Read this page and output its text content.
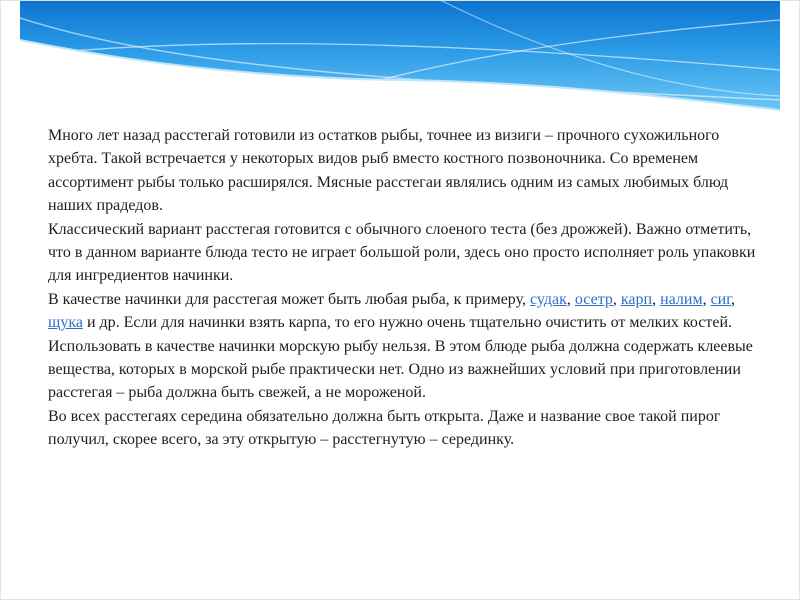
Много лет назад расстегай готовили из остатков рыбы, точнее из визиги – прочного сухожильного хребта. Такой встречается у некоторых видов рыб вместо костного позвоночника. Со временем ассортимент рыбы только расширялся. Мясные расстегаи являлись одним из самых любимых блюд наших прадедов.

Классический вариант расстегая готовится с обычного слоеного теста (без дрожжей). Важно отметить, что в данном варианте блюда тесто не играет большой роли, здесь оно просто исполняет роль упаковки для ингредиентов начинки.

В качестве начинки для расстегая может быть любая рыба, к примеру, судак, осетр, карп, налим, сиг, щука и др. Если для начинки взять карпа, то его нужно очень тщательно очистить от мелких костей. Использовать в качестве начинки морскую рыбу нельзя. В этом блюде рыба должна содержать клеевые вещества, которых в морской рыбе практически нет. Одно из важнейших условий при приготовлении расстегая – рыба должна быть свежей, а не мороженой.

Во всех расстегаях середина обязательно должна быть открыта. Даже и название свое такой пирог получил, скорее всего, за эту открытую – расстегнутую – серединку.
